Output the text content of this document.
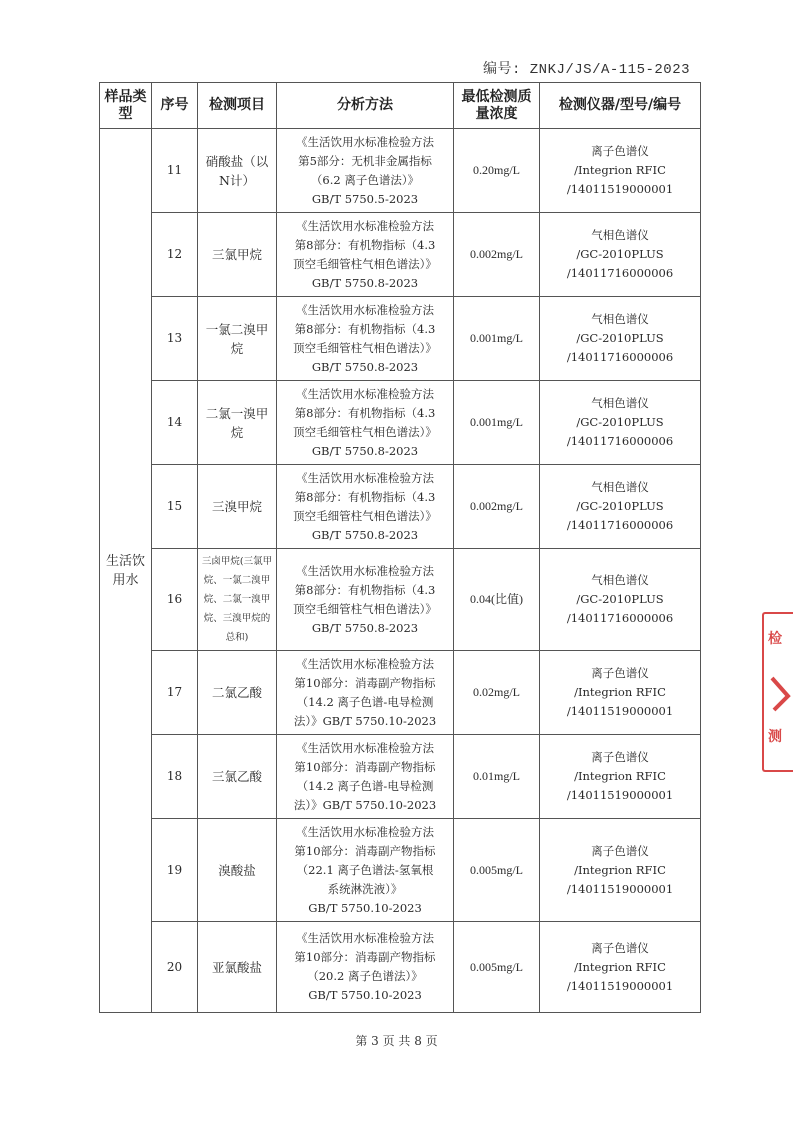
编号: ZNKJ/JS/A-115-2023
样品类型	序号	检测项目	分析方法	最低检测质量浓度	检测仪器/型号/编号
生活饮用水	11	硝酸盐（以N计）	《生活饮用水标准检验方法
第5部分：无机非金属指标
（6.2 离子色谱法）》
GB/T 5750.5-2023	0.20mg/L	离子色谱仪
/Integrion RFIC
/14011519000001

	12	三氯甲烷	《生活饮用水标准检验方法
第8部分：有机物指标（4.3
顶空毛细管柱气相色谱法）》
GB/T 5750.8-2023	0.002mg/L	气相色谱仪
/GC-2010PLUS
/14011716000006

	13	一氯二溴甲烷	《生活饮用水标准检验方法
第8部分：有机物指标（4.3
顶空毛细管柱气相色谱法）》
GB/T 5750.8-2023	0.001mg/L	气相色谱仪
/GC-2010PLUS
/14011716000006

	14	二氯一溴甲烷	《生活饮用水标准检验方法
第8部分：有机物指标（4.3
顶空毛细管柱气相色谱法）》
GB/T 5750.8-2023	0.001mg/L	气相色谱仪
/GC-2010PLUS
/14011716000006

	15	三溴甲烷	《生活饮用水标准检验方法
第8部分：有机物指标（4.3
顶空毛细管柱气相色谱法）》
GB/T 5750.8-2023	0.002mg/L	气相色谱仪
/GC-2010PLUS
/14011716000006

	16	三卤甲烷(三氯甲烷、一氯二溴甲烷、二氯一溴甲烷、三溴甲烷的总和)	《生活饮用水标准检验方法
第8部分：有机物指标（4.3
顶空毛细管柱气相色谱法）》
GB/T 5750.8-2023	0.04(比值)	气相色谱仪
/GC-2010PLUS
/14011716000006

	17	二氯乙酸	《生活饮用水标准检验方法
第10部分：消毒副产物指标
（14.2 离子色谱-电导检测
法）》GB/T 5750.10-2023	0.02mg/L	离子色谱仪
/Integrion RFIC
/14011519000001

	18	三氯乙酸	《生活饮用水标准检验方法
第10部分：消毒副产物指标
（14.2 离子色谱-电导检测
法）》GB/T 5750.10-2023	0.01mg/L	离子色谱仪
/Integrion RFIC
/14011519000001

	19	溴酸盐	《生活饮用水标准检验方法
第10部分：消毒副产物指标
（22.1 离子色谱法-氢氧根
系统淋洗液）》
GB/T 5750.10-2023	0.005mg/L	离子色谱仪
/Integrion RFIC
/14011519000001

	20	亚氯酸盐	《生活饮用水标准检验方法
第10部分：消毒副产物指标
（20.2 离子色谱法）》
GB/T 5750.10-2023	0.005mg/L	离子色谱仪
/Integrion RFIC
/14011519000001
第 3 页 共 8 页
检
测
